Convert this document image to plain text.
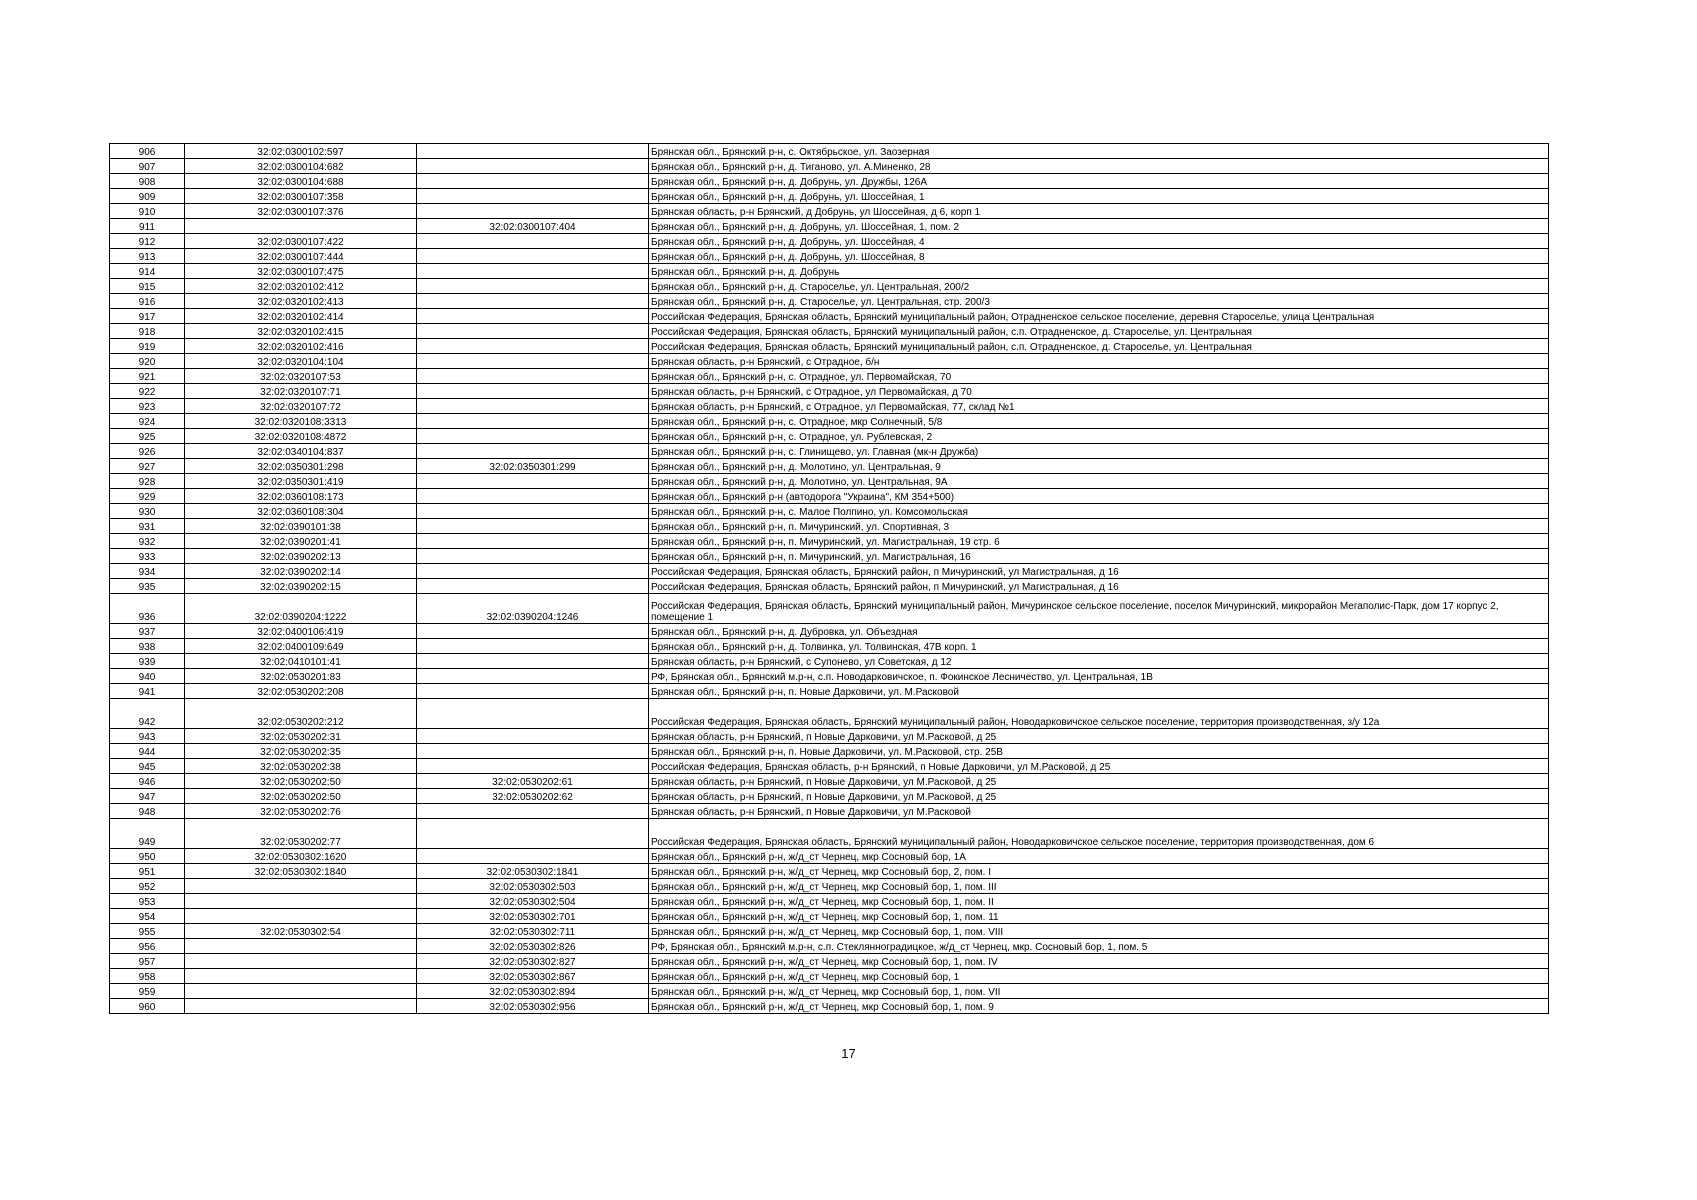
906	32:02:0300102:597		Брянская обл., Брянский р-н, с. Октябрьское, ул. Заозерная
907	32:02:0300104:682		Брянская обл., Брянский р-н, д. Тиганово, ул. А.Миненко, 28
908	32:02:0300104:688		Брянская обл., Брянский р-н, д. Добрунь, ул. Дружбы, 126А
909	32:02:0300107:358		Брянская обл., Брянский р-н, д. Добрунь, ул. Шоссейная, 1
910	32:02:0300107:376		Брянская область, р-н Брянский, д Добрунь, ул Шоссейная, д 6, корп 1
911		32:02:0300107:404	Брянская обл., Брянский р-н, д. Добрунь, ул. Шоссейная, 1, пом. 2
912	32:02:0300107:422		Брянская обл., Брянский р-н, д. Добрунь, ул. Шоссейная, 4
913	32:02:0300107:444		Брянская обл., Брянский р-н, д. Добрунь, ул. Шоссейная, 8
914	32:02:0300107:475		Брянская обл., Брянский р-н, д. Добрунь
915	32:02:0320102:412		Брянская обл., Брянский р-н, д. Староселье, ул. Центральная, 200/2
916	32:02:0320102:413		Брянская обл., Брянский р-н, д. Староселье, ул. Центральная, стр. 200/3
917	32:02:0320102:414		Российская Федерация, Брянская область, Брянский муниципальный район, Отрадненское сельское поселение, деревня Староселье, улица Центральная
918	32:02:0320102:415		Российская Федерация, Брянская область, Брянский муниципальный район, с.п. Отрадненское, д. Староселье, ул. Центральная
919	32:02:0320102:416		Российская Федерация, Брянская область, Брянский муниципальный район, с.п. Отрадненское, д. Староселье, ул. Центральная
920	32:02:0320104:104		Брянская область, р-н Брянский, с Отрадное, б/н
921	32:02:0320107:53		Брянская обл., Брянский р-н, с. Отрадное, ул. Первомайская, 70
922	32:02:0320107:71		Брянская область, р-н Брянский, с Отрадное, ул Первомайская, д 70
923	32:02:0320107:72		Брянская область, р-н Брянский, с Отрадное, ул Первомайская, 77, склад №1
924	32:02:0320108:3313		Брянская обл., Брянский р-н, с. Отрадное, мкр Солнечный, 5/8
925	32:02:0320108:4872		Брянская обл., Брянский р-н, с. Отрадное, ул. Рублевская, 2
926	32:02:0340104:837		Брянская обл., Брянский р-н, с. Глинищево, ул. Главная (мк-н Дружба)
927	32:02:0350301:298	32:02:0350301:299	Брянская обл., Брянский р-н, д. Молотино, ул. Центральная, 9
928	32:02:0350301:419		Брянская обл., Брянский р-н, д. Молотино, ул. Центральная, 9А
929	32:02:0360108:173		Брянская обл., Брянский р-н (автодорога "Украина", КМ 354+500)
930	32:02:0360108:304		Брянская обл., Брянский р-н, с. Малое Полпино, ул. Комсомольская
931	32:02:0390101:38		Брянская обл., Брянский р-н, п. Мичуринский, ул. Спортивная, 3
932	32:02:0390201:41		Брянская обл., Брянский р-н, п. Мичуринский, ул. Магистральная, 19 стр. 6
933	32:02:0390202:13		Брянская обл., Брянский р-н, п. Мичуринский, ул. Магистральная, 16
934	32:02:0390202:14		Российская Федерация, Брянская область, Брянский район, п Мичуринский, ул Магистральная, д 16
935	32:02:0390202:15		Российская Федерация, Брянская область, Брянский район, п Мичуринский, ул Магистральная, д 16
936	32:02:0390204:1222	32:02:0390204:1246	Российская Федерация, Брянская область, Брянский муниципальный район, Мичуринское сельское поселение, поселок Мичуринский, микрорайон Мегаполис-Парк, дом 17 корпус 2, помещение 1
937	32:02:0400106:419		Брянская обл., Брянский р-н, д. Дубровка, ул. Объездная
938	32:02:0400109:649		Брянская обл., Брянский р-н, д. Толвинка, ул. Толвинская, 47В корп. 1
939	32:02:0410101:41		Брянская область, р-н Брянский, с Супонево, ул Советская, д 12
940	32:02:0530201:83		РФ, Брянская обл., Брянский м.р-н, с.п. Новодарковичское, п. Фокинское Лесничество, ул. Центральная, 1В
941	32:02:0530202:208		Брянская обл., Брянский р-н, п. Новые Дарковичи, ул. М.Расковой
942	32:02:0530202:212		Российская Федерация, Брянская область, Брянский муниципальный район, Новодарковичское сельское поселение, территория производственная, з/у 12а
943	32:02:0530202:31		Брянская область, р-н Брянский, п Новые Дарковичи, ул М.Расковой, д 25
944	32:02:0530202:35		Брянская обл., Брянский р-н, п. Новые Дарковичи, ул. М.Расковой, стр. 25В
945	32:02:0530202:38		Российская Федерация, Брянская область, р-н Брянский, п Новые Дарковичи, ул М.Расковой, д 25
946	32:02:0530202:50	32:02:0530202:61	Брянская область, р-н Брянский, п Новые Дарковичи, ул М.Расковой, д 25
947	32:02:0530202:50	32:02:0530202:62	Брянская область, р-н Брянский, п Новые Дарковичи, ул М.Расковой, д 25
948	32:02:0530202:76		Брянская область, р-н Брянский, п Новые Дарковичи, ул М.Расковой
949	32:02:0530202:77		Российская Федерация, Брянская область, Брянский муниципальный район, Новодарковичское сельское поселение, территория производственная, дом 6
950	32:02:0530302:1620		Брянская обл., Брянский р-н, ж/д_ст Чернец, мкр Сосновый бор, 1А
951	32:02:0530302:1840	32:02:0530302:1841	Брянская обл., Брянский р-н, ж/д_ст Чернец, мкр Сосновый бор, 2, пом. I
952		32:02:0530302:503	Брянская обл., Брянский р-н, ж/д_ст Чернец, мкр Сосновый бор, 1, пом. III
953		32:02:0530302:504	Брянская обл., Брянский р-н, ж/д_ст Чернец, мкр Сосновый бор, 1, пом. II
954		32:02:0530302:701	Брянская обл., Брянский р-н, ж/д_ст Чернец, мкр Сосновый бор, 1, пом. 11
955	32:02:0530302:54	32:02:0530302:711	Брянская обл., Брянский р-н, ж/д_ст Чернец, мкр Сосновый бор, 1, пом. VIII
956		32:02:0530302:826	РФ, Брянская обл., Брянский м.р-н, с.п. Стеклянноградицкое, ж/д_ст Чернец, мкр. Сосновый бор, 1, пом. 5
957		32:02:0530302:827	Брянская обл., Брянский р-н, ж/д_ст Чернец, мкр Сосновый бор, 1, пом. IV
958		32:02:0530302:867	Брянская обл., Брянский р-н, ж/д_ст Чернец, мкр Сосновый бор, 1
959		32:02:0530302:894	Брянская обл., Брянский р-н, ж/д_ст Чернец, мкр Сосновый бор, 1, пом. VII
960		32:02:0530302:956	Брянская обл., Брянский р-н, ж/д_ст Чернец, мкр Сосновый бор, 1, пом. 9
17
